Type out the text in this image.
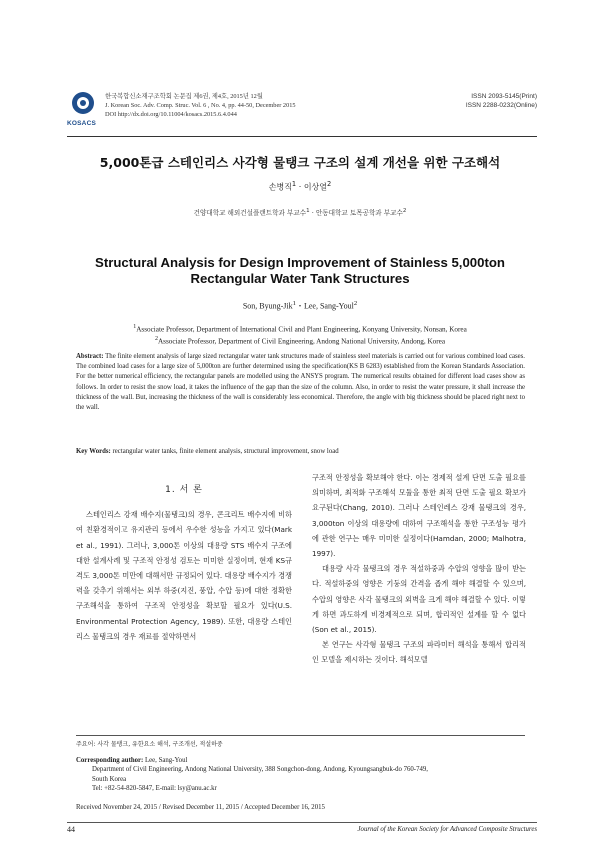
KOSACS
한국복합신소재구조학회 논문집 제6권, 제4호, 2015년 12월
J. Korean Soc. Adv. Comp. Struc. Vol. 6 , No. 4, pp. 44-50, December 2015
DOI http://dx.doi.org/10.11004/kosacs.2015.6.4.044
ISSN 2093-5145(Print)
ISSN 2288-0232(Online)
5,000톤급 스테인리스 사각형 물탱크 구조의 설계 개선을 위한 구조해석
손병직$^1$ · 이상열$^2$
건양대학교 해외건설플랜트학과 부교수$^1$ · 안동대학교 토목공학과 부교수$^2$
Structural Analysis for Design Improvement of Stainless 5,000ton
Rectangular Water Tank Structures
Son, Byung-Jik$^1$・Lee, Sang-Youl$^2$
$^1$Associate Professor, Department of International Civil and Plant Engineering, Konyang University, Nonsan, Korea
$^2$Associate Professor, Department of Civil Engineering, Andong National University, Andong, Korea
Abstract: The finite element analysis of large sized rectangular water tank structures made of stainless steel materials is carried out for various combined load cases. The combined load cases for a large size of 5,000ton are further determined using the specification(KS B 6283) established from the Korean Standards Association. For the better numerical efficiency, the rectangular panels are modelled using the ANSYS program. The numerical results obtained for different load cases show as follows. In order to resist the snow load, it takes the influence of the gap than the size of the column. Also, in order to resist the water pressure, it shall increase the thickness of the wall. But, increasing the thickness of the wall is considerably less economical. Therefore, the angle with big thickness should be placed right next to the wall.
Key Words: rectangular water tanks, finite element analysis, structural improvement, snow load
1. 서 론
스테인리스 강재 배수지(물탱크)의 경우, 콘크리트 배수지에 비하여 친환경적이고 유지관리 등에서 우수한 성능을 가지고 있다(Mark et al., 1991). 그러나, 3,000톤 이상의 대용량 STS 배수지 구조에 대한 설계사례 및 구조적 안정성 검토는 미미한 실정이며, 현재 KS규격도 3,000톤 미만에 대해서만 규정되어 있다. 대용량 배수지가 경쟁력을 갖추기 위해서는 외부 하중(지진, 풍압, 수압 등)에 대한 정확한 구조해석을 통하여 구조적 안정성을 확보할 필요가 있다(U.S. Environmental Protection Agency, 1989). 또한, 대용량 스테인리스 물탱크의 경우 재료를 절약하면서
구조적 안정성을 확보해야 한다. 이는 경제적 설계 단면 도출 필요를 의미하며, 최적화 구조해석 모듈을 통한 최적 단면 도출 필요 확보가 요구된다(Chang, 2010). 그러나 스테인레스 강재 물탱크의 경우, 3,000ton 이상의 대용량에 대하여 구조해석을 통한 구조성능 평가에 관한 연구는 매우 미미한 실정이다(Hamdan, 2000; Malhotra, 1997).
대용량 사각 물탱크의 경우 적설하중과 수압의 영향을 많이 받는다. 적설하중의 영향은 기둥의 간격을 좁게 해야 해결할 수 있으며, 수압의 영향은 사각 물탱크의 외벽을 크게 해야 해결할 수 있다. 이렇게 하면 과도하게 비경제적으로 되며, 합리적인 설계를 할 수 없다(Son et al., 2015).
본 연구는 사각형 물탱크 구조의 파라미터 해석을 통해서 합리적인 모델을 제시하는 것이다. 해석모델
주요어: 사각 물탱크, 유한요소 해석, 구조개선, 적설하중
Corresponding author: Lee, Sang-Youl
Department of Civil Engineering, Andong National University, 388 Songchon-dong, Andong, Kyoungsangbuk-do 760-749,
South Korea
Tel: +82-54-820-5847, E-mail: lsy@anu.ac.kr
Received November 24, 2015 / Revised December 11, 2015 / Accepted December 16, 2015
44	Journal of the Korean Society for Advanced Composite Structures
